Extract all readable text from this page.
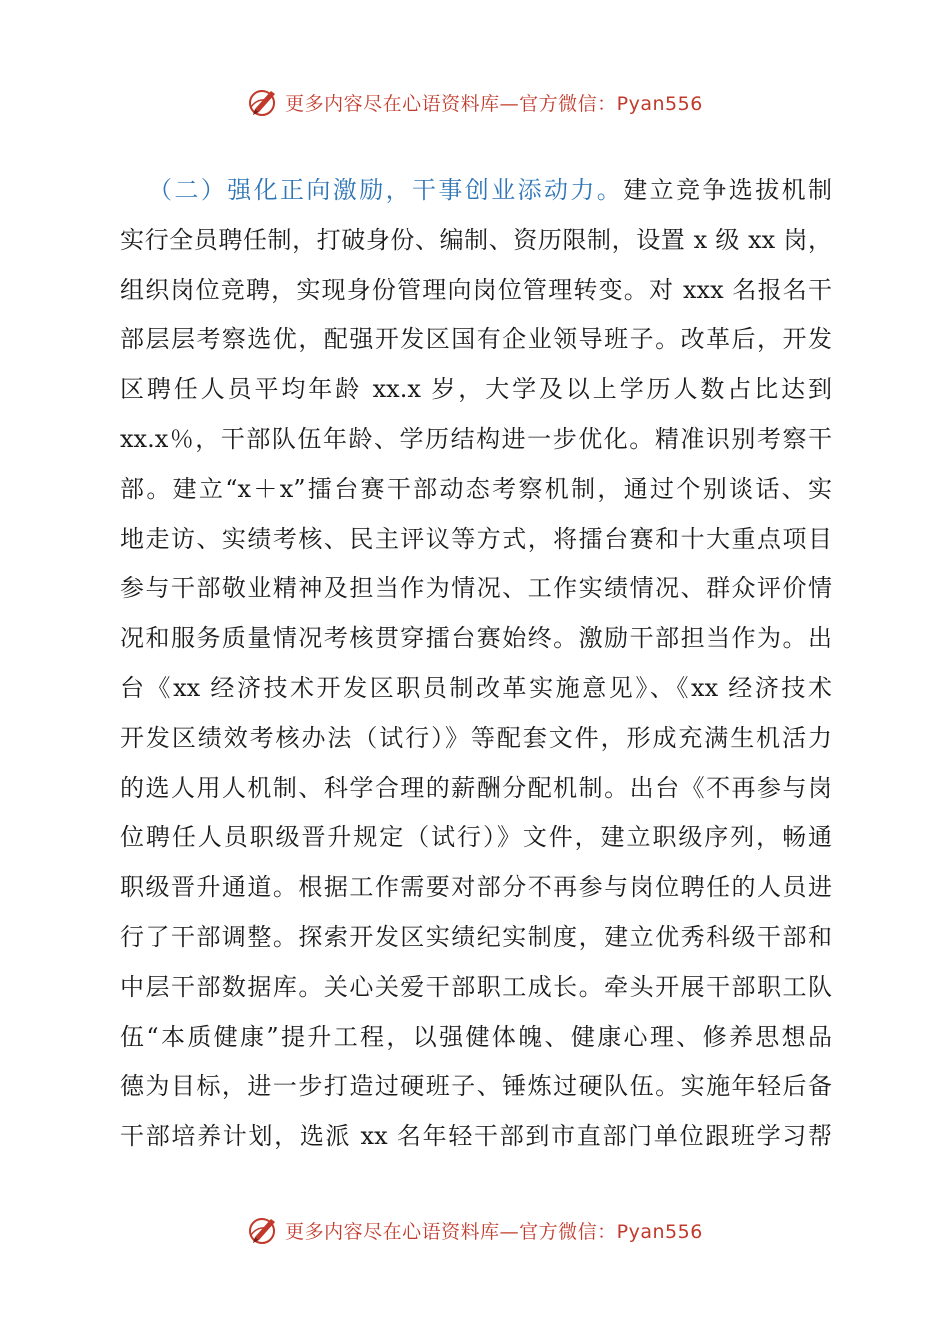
更多内容尽在心语资料库—官方微信：Pyan556
（二）强化正向激励，干事创业添动力。建立竞争选拔机制
实行全员聘任制，打破身份、编制、资历限制，设置 x 级 xx 岗，
组织岗位竞聘，实现身份管理向岗位管理转变。对 xxx 名报名干
部层层考察选优，配强开发区国有企业领导班子。改革后，开发
区聘任人员平均年龄 xx.x 岁，大学及以上学历人数占比达到
xx.x％，干部队伍年龄、学历结构进一步优化。精准识别考察干
部。建立“x＋x”擂台赛干部动态考察机制，通过个别谈话、实
地走访、实绩考核、民主评议等方式，将擂台赛和十大重点项目
参与干部敬业精神及担当作为情况、工作实绩情况、群众评价情
况和服务质量情况考核贯穿擂台赛始终。激励干部担当作为。出
台《xx 经济技术开发区职员制改革实施意见》、《xx 经济技术
开发区绩效考核办法（试行）》等配套文件，形成充满生机活力
的选人用人机制、科学合理的薪酬分配机制。出台《不再参与岗
位聘任人员职级晋升规定（试行）》文件，建立职级序列，畅通
职级晋升通道。根据工作需要对部分不再参与岗位聘任的人员进
行了干部调整。探索开发区实绩纪实制度，建立优秀科级干部和
中层干部数据库。关心关爱干部职工成长。牵头开展干部职工队
伍“本质健康”提升工程，以强健体魄、健康心理、修养思想品
德为目标，进一步打造过硬班子、锤炼过硬队伍。实施年轻后备
干部培养计划，选派 xx 名年轻干部到市直部门单位跟班学习帮
更多内容尽在心语资料库—官方微信：Pyan556
